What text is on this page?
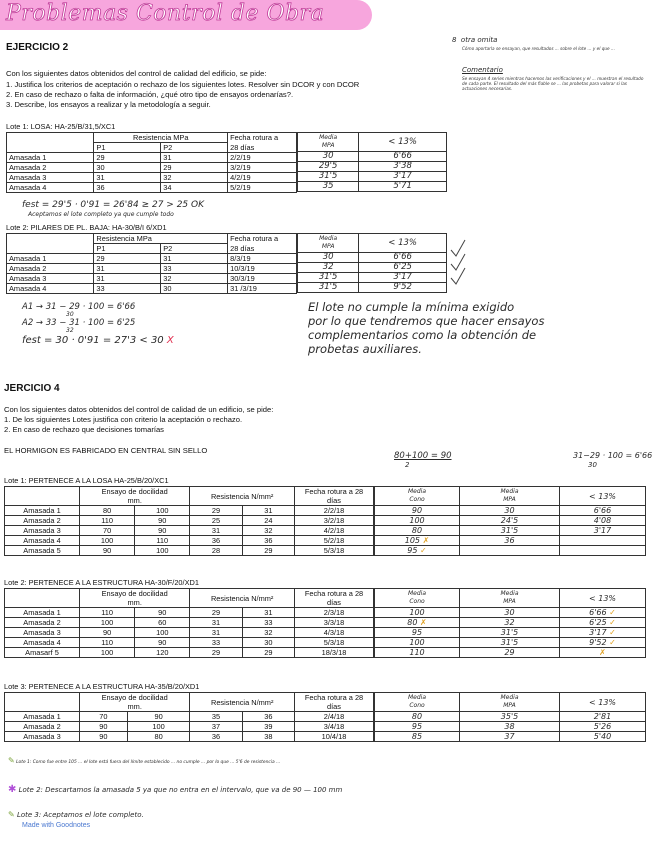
Problemas Control de Obra
EJERCICIO 2
Con los siguientes datos obtenidos del control de calidad del edificio, se pide:
1. Justifica los criterios de aceptación o rechazo de los siguientes lotes. Resolver sin DCOR y con DCOR
2. En caso de rechazo o falta de información, ¿qué otro tipo de ensayos ordenarías?.
3. Describe, los ensayos a realizar y la metodología a seguir.
8 otra omita
Cómo aportarla se ensayan, que resultados ... sobre el lote ... y el que ...
Comentario
Se ensayan 4 series mientras hacemos las verificaciones y el ... muestran el resultado de cada parte. El resultado del más fiable se ... las probetas para valorar si las actuaciones necesarias.
Lote 1: LOSA: HA-25/B/31,5/XC1
	Resistencia MPa		Fecha rotura a
	P1	P2	28 días
Amasada 1	29	31	2/2/19
Amasada 2	30	29	3/2/19
Amasada 3	31	32	4/2/19
Amasada 4	36	34	5/2/19
Media
MPA	< 13%
30	6'66
29'5	3'38
31'5	3'17
35	5'71
fest = 29'5 · 0'91 = 26'84 ≥ 27 > 25 OK
Aceptamos el lote completo ya que cumple todo
Lote 2: PILARES DE PL. BAJA: HA-30/B/I 6/XD1
	Resistencia MPa		Fecha rotura a
	P1	P2	28 días
Amasada 1	29	31	8/3/19
Amasada 2	31	33	10/3/19
Amasada 3	31	32	30/3/19
Amasada 4	33	30	31 /3/19
Media
MPA	< 13%
30	6'66
32	6'25
31'5	3'17
31'5	9'52
A1 → 31 − 29 · 100 = 6'66
30
A2 → 33 − 31 · 100 = 6'25
32
fest = 30 · 0'91 = 27'3 < 30 X
El lote no cumple la mínima exigido
por lo que tendremos que hacer ensayos
complementarios como la obtención de
probetas auxiliares.
JERCICIO 4
Con los siguientes datos obtenidos del control de calidad de un edificio, se pide:
1. De los siguientes Lotes justifica con criterio la aceptación o rechazo.
2. En caso de rechazo que decisiones tomarías
EL HORMIGON ES FABRICADO EN CENTRAL SIN SELLO
80+100 = 90
2
31−29 · 100 = 6'66
30
Lote 1: PERTENECE A LA LOSA HA-25/B/20/XC1
	Ensayo de docilidad
mm.		Resistencia N/mm²		Fecha rotura a 28
días
Amasada 1	80	100	29	31	2/2/18
Amasada 2	110	90	25	24	3/2/18
Amasada 3	70	90	31	32	4/2/18
Amasada 4	100	110	36	36	5/2/18
Amasada 5	90	100	28	29	5/3/18
Media
Cono	Media
MPA	< 13%
90	30	6'66
100	24'5	4'08
80	31'5	3'17
105 ✗	36	
95 ✓		
Lote 2: PERTENECE A LA ESTRUCTURA HA-30/F/20/XD1
	Ensayo de docilidad
mm.		Resistencia N/mm²		Fecha rotura a 28
días
Amasada 1	110	90	29	31	2/3/18
Amasada 2	100	60	31	33	3/3/18
Amasada 3	90	100	31	32	4/3/18
Amasada 4	110	90	33	30	5/3/18
Amasarf 5	100	120	29	29	18/3/18
Media
Cono	Media
MPA	< 13%
100	30	6'66 ✓
80 ✗	32	6'25 ✓
95	31'5	3'17 ✓
100	31'5	9'52 ✓
110	29	✗
Lote 3: PERTENECE A LA ESTRUCTURA HA-35/B/20/XD1
	Ensayo de docilidad
mm.		Resistencia N/mm²		Fecha rotura a 28
días
Amasada 1	70	90	35	36	2/4/18
Amasada 2	90	100	37	39	3/4/18
Amasada 3	90	80	36	38	10/4/18
Media
Cono	Media
MPA	< 13%
80	35'5	2'81
95	38	5'26
85	37	5'40
✎ Lote 1: Como fue entre 105 ... el lote está fuera del límite establecido ... no cumple ... por lo que ... 5'6 de resistencia ...
✱ Lote 2: Descartamos la amasada 5 ya que no entra en el intervalo, que va de 90 — 100 mm
✎ Lote 3: Aceptamos el lote completo.
Made with Goodnotes
